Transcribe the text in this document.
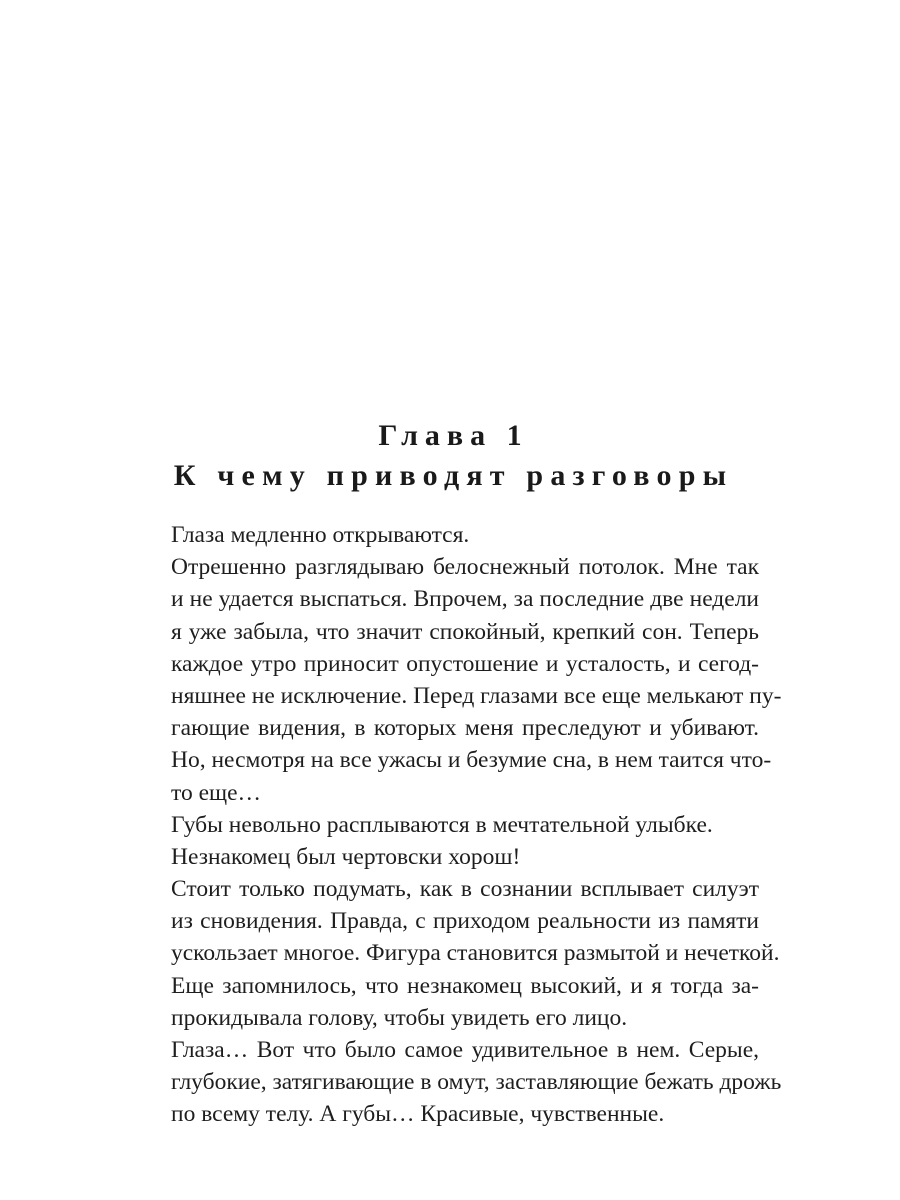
Глава 1
К чему приводят разговоры
Глаза медленно открываются.
Отрешенно разглядываю белоснежный потолок. Мне так
и не удается выспаться. Впрочем, за последние две недели
я уже забыла, что значит спокойный, крепкий сон. Теперь
каждое утро приносит опустошение и усталость, и сегод-
няшнее не исключение. Перед глазами все еще мелькают пу-
гающие видения, в которых меня преследуют и убивают.
Но, несмотря на все ужасы и безумие сна, в нем таится что-
то еще…
Губы невольно расплываются в мечтательной улыбке.
Незнакомец был чертовски хорош!
Стоит только подумать, как в сознании всплывает силуэт
из сновидения. Правда, с приходом реальности из памяти
ускользает многое. Фигура становится размытой и нечеткой.
Еще запомнилось, что незнакомец высокий, и я тогда за-
прокидывала голову, чтобы увидеть его лицо.
Глаза… Вот что было самое удивительное в нем. Серые,
глубокие, затягивающие в омут, заставляющие бежать дрожь
по всему телу. А губы… Красивые, чувственные.
